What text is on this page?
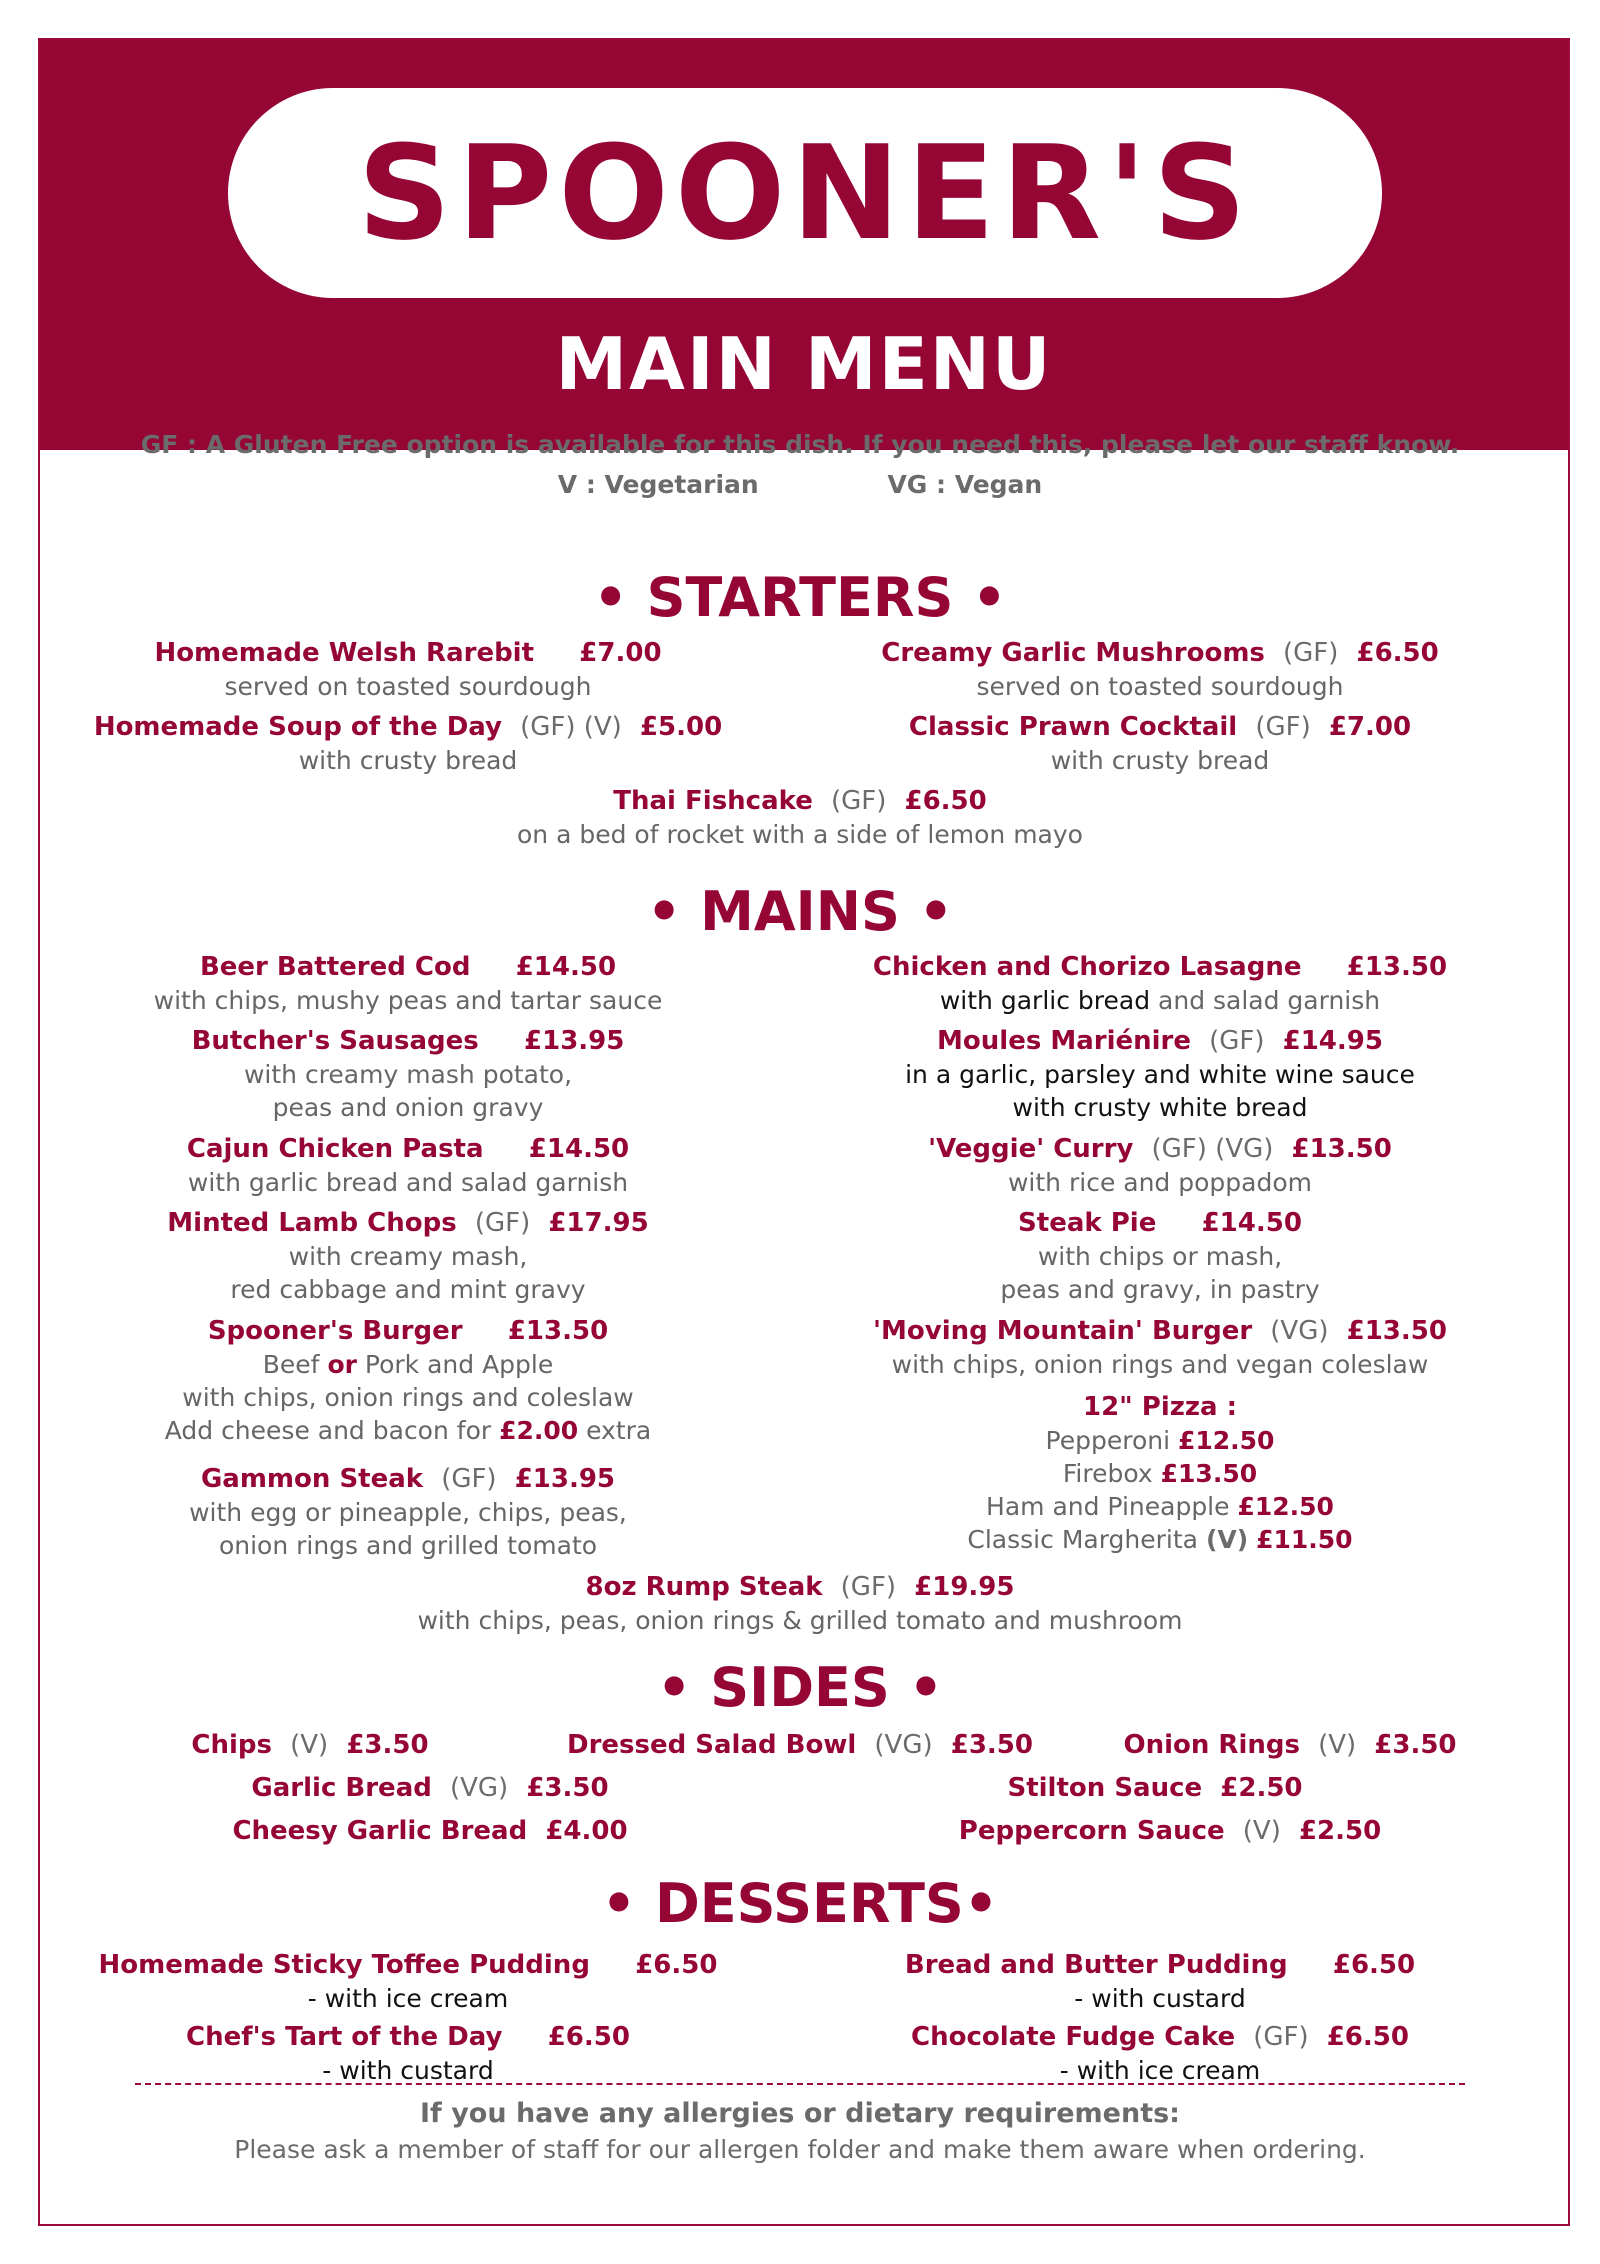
SPOONER'S
MAIN MENU
GF : A Gluten Free option is available for this dish. If you need this, please let our staff know.
V : Vegetarian	VG : Vegan
• STARTERS •
Homemade Welsh Rarebit £7.00
served on toasted sourdough
Creamy Garlic Mushrooms (GF) £6.50
served on toasted sourdough
Homemade Soup of the Day (GF) (V) £5.00
with crusty bread
Classic Prawn Cocktail (GF) £7.00
with crusty bread
Thai Fishcake (GF) £6.50
on a bed of rocket with a side of lemon mayo
• MAINS •
Beer Battered Cod £14.50
with chips, mushy peas and tartar sauce
Butcher's Sausages £13.95
with creamy mash potato,
peas and onion gravy
Cajun Chicken Pasta £14.50
with garlic bread and salad garnish
Minted Lamb Chops (GF) £17.95
with creamy mash,
red cabbage and mint gravy
Spooner's Burger £13.50
Beef or Pork and Apple
with chips, onion rings and coleslaw
Add cheese and bacon for £2.00 extra
Gammon Steak (GF) £13.95
with egg or pineapple, chips, peas,
onion rings and grilled tomato
Chicken and Chorizo Lasagne £13.50
with garlic bread and salad garnish
Moules Mariénire (GF) £14.95
in a garlic, parsley and white wine sauce
with crusty white bread
'Veggie' Curry (GF) (VG) £13.50
with rice and poppadom
Steak Pie £14.50
with chips or mash,
peas and gravy, in pastry
'Moving Mountain' Burger (VG) £13.50
with chips, onion rings and vegan coleslaw
12" Pizza :
Pepperoni £12.50
Firebox £13.50
Ham and Pineapple £12.50
Classic Margherita (V) £11.50
8oz Rump Steak (GF) £19.95
with chips, peas, onion rings & grilled tomato and mushroom
• SIDES •
Chips (V) £3.50	Dressed Salad Bowl (VG) £3.50	Onion Rings (V) £3.50
Garlic Bread (VG) £3.50	Stilton Sauce £2.50
Cheesy Garlic Bread £4.00	Peppercorn Sauce (V) £2.50
• DESSERTS•
Homemade Sticky Toffee Pudding £6.50
- with ice cream
Bread and Butter Pudding £6.50
- with custard
Chef's Tart of the Day £6.50
- with custard
Chocolate Fudge Cake (GF) £6.50
- with ice cream
If you have any allergies or dietary requirements:
Please ask a member of staff for our allergen folder and make them aware when ordering.
